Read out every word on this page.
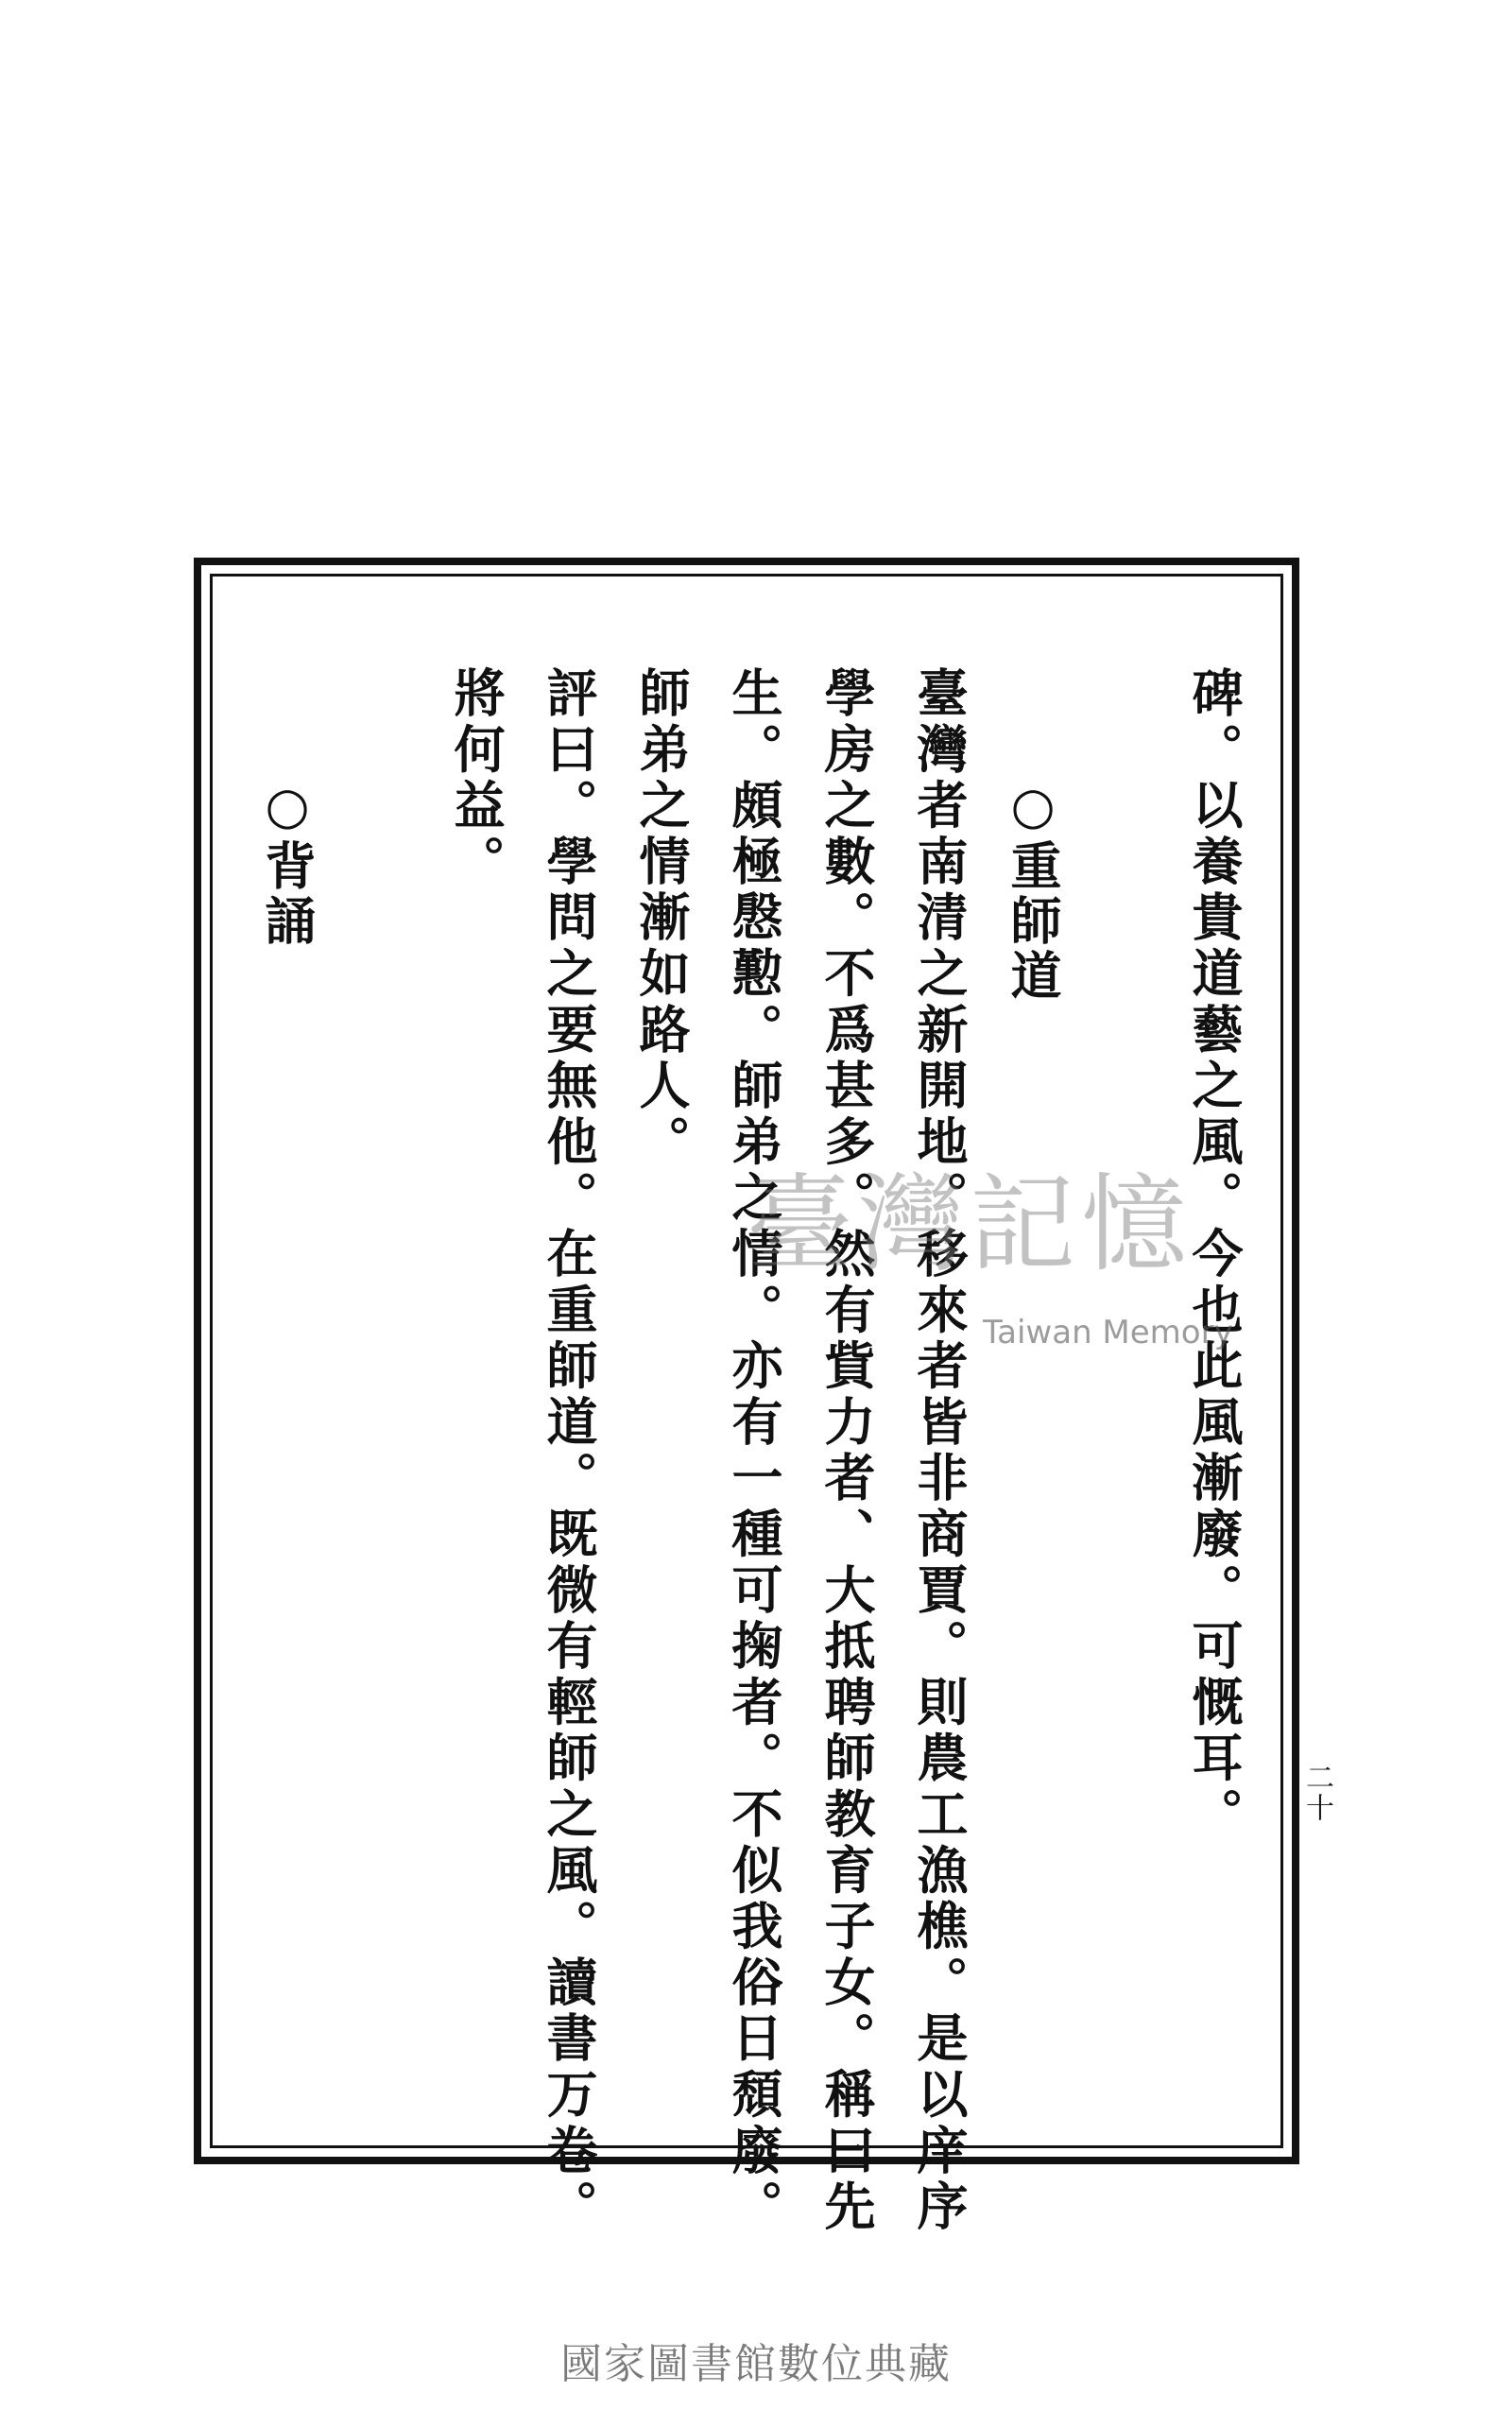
二十
碑。以養貴道藝之風。今也此風漸廢。可慨耳。
○重師道
臺灣者南清之新開地。移來者皆非商賈。則農工漁樵。是以庠序
學房之數。不爲甚多。然有貲力者、大抵聘師教育子女。稱曰先
生。頗極慇懃。師弟之情。亦有一種可掬者。不似我俗日頹廢。
師弟之情漸如路人。
評曰。學問之要無他。在重師道。既微有輕師之風。讀書万卷。
將何益。
○背誦
臺灣記憶
Taiwan Memory
國家圖書館數位典藏
